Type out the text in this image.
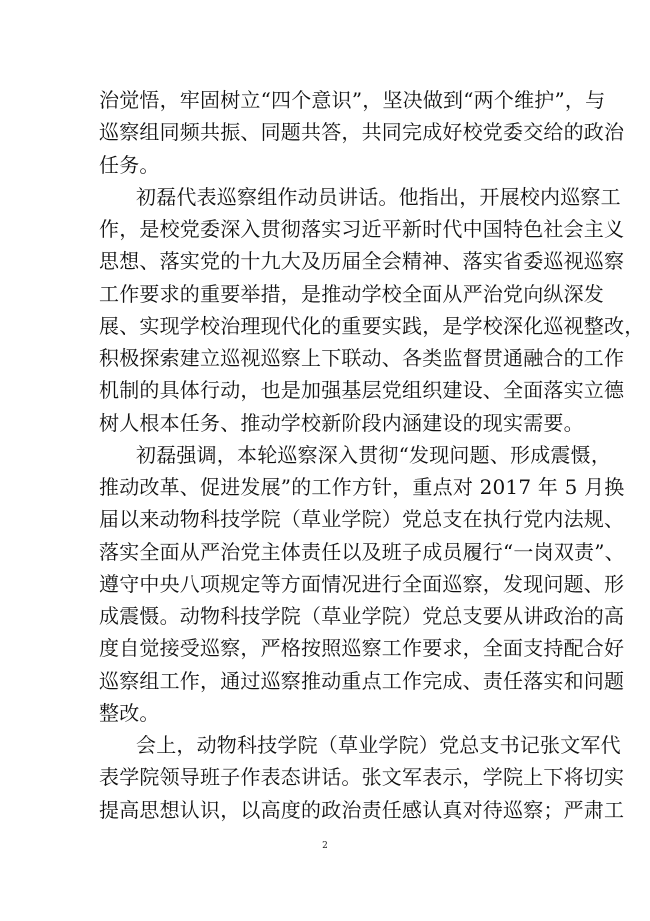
治觉悟，牢固树立“四个意识”，坚决做到“两个维护”，与
巡察组同频共振、同题共答，共同完成好校党委交给的政治
任务。
初磊代表巡察组作动员讲话。他指出，开展校内巡察工
作，是校党委深入贯彻落实习近平新时代中国特色社会主义
思想、落实党的十九大及历届全会精神、落实省委巡视巡察
工作要求的重要举措，是推动学校全面从严治党向纵深发
展、实现学校治理现代化的重要实践，是学校深化巡视整改，
积极探索建立巡视巡察上下联动、各类监督贯通融合的工作
机制的具体行动，也是加强基层党组织建设、全面落实立德
树人根本任务、推动学校新阶段内涵建设的现实需要。
初磊强调，本轮巡察深入贯彻“发现问题、形成震慑，
推动改革、促进发展”的工作方针，重点对 2017 年 5 月换
届以来动物科技学院（草业学院）党总支在执行党内法规、
落实全面从严治党主体责任以及班子成员履行“一岗双责”、
遵守中央八项规定等方面情况进行全面巡察，发现问题、形
成震慑。动物科技学院（草业学院）党总支要从讲政治的高
度自觉接受巡察，严格按照巡察工作要求，全面支持配合好
巡察组工作，通过巡察推动重点工作完成、责任落实和问题
整改。
会上，动物科技学院（草业学院）党总支书记张文军代
表学院领导班子作表态讲话。张文军表示，学院上下将切实
提高思想认识，以高度的政治责任感认真对待巡察；严肃工
2
